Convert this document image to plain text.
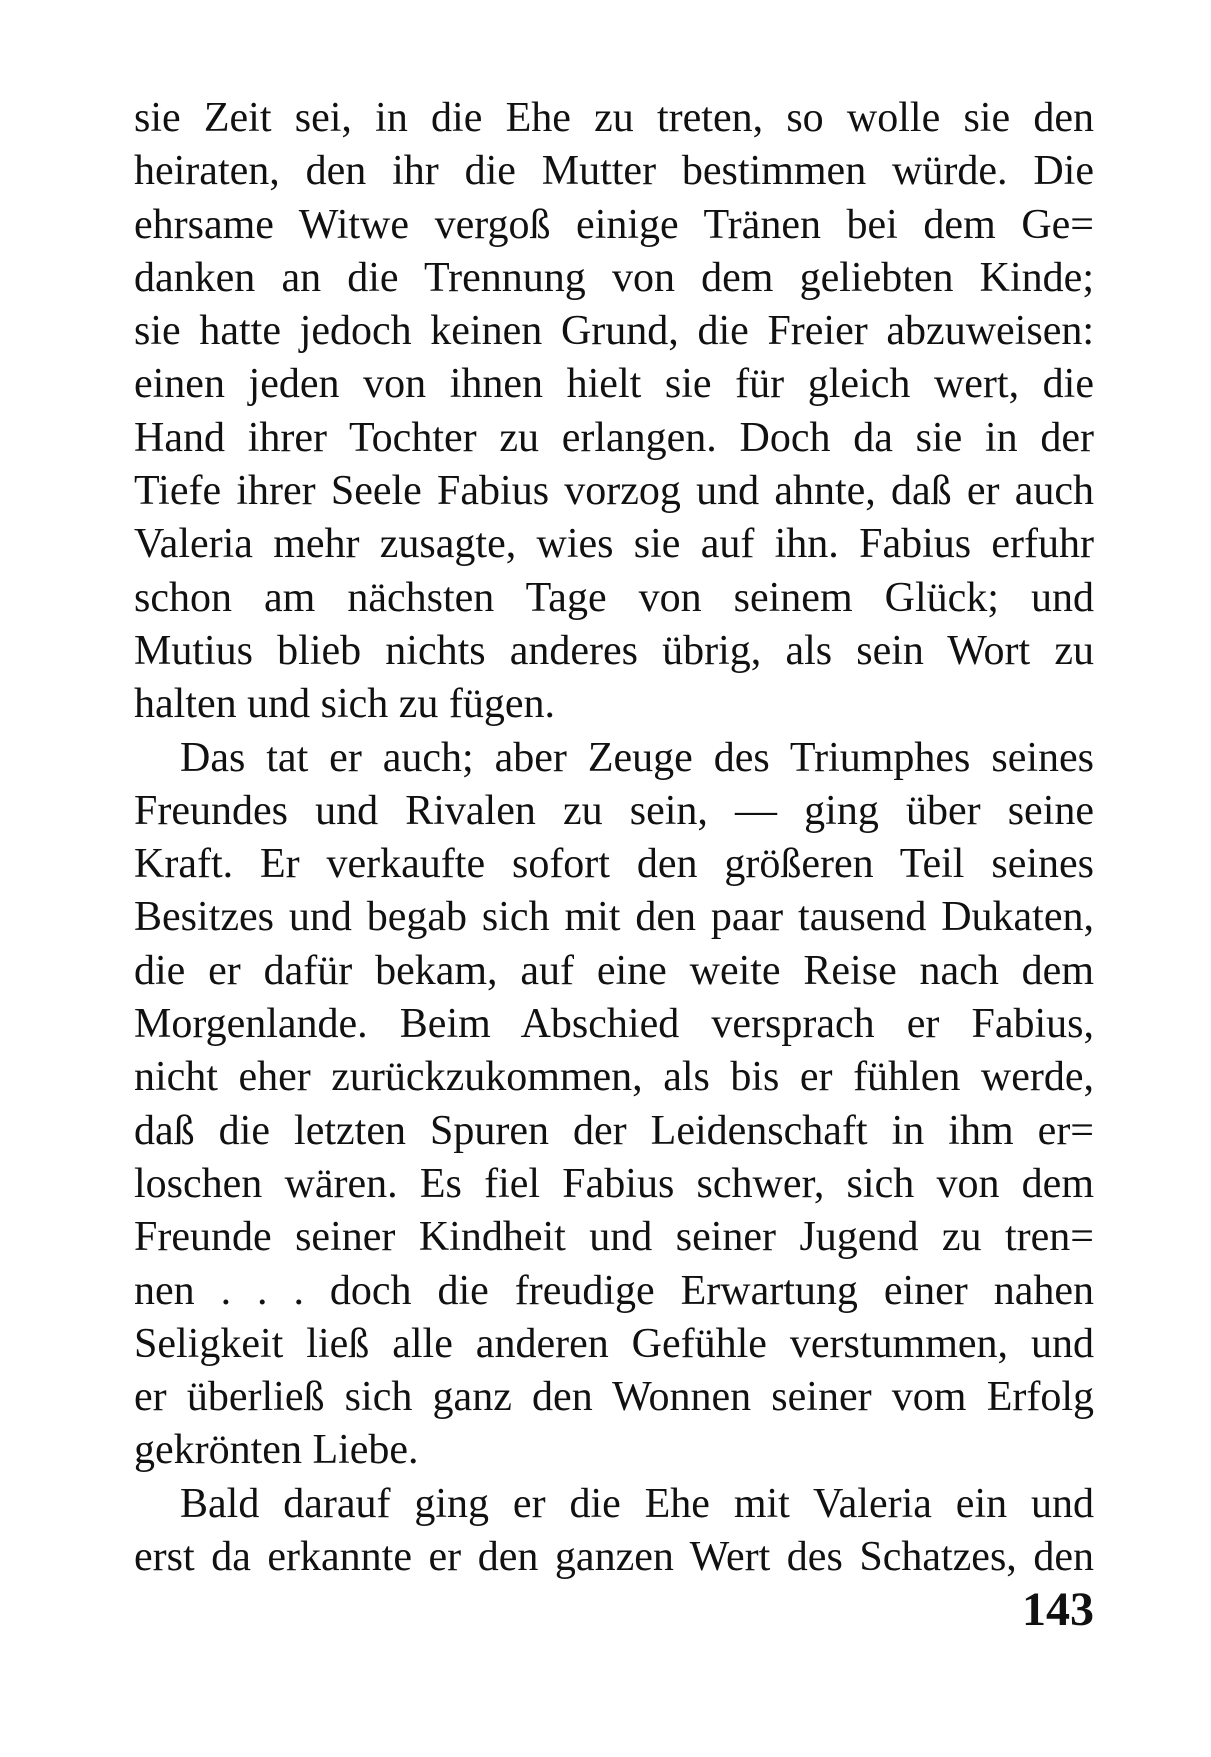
sie Zeit sei, in die Ehe zu treten, so wolle sie den
heiraten, den ihr die Mutter bestimmen würde. Die
ehrsame Witwe vergoß einige Tränen bei dem Ge=
danken an die Trennung von dem geliebten Kinde;
sie hatte jedoch keinen Grund, die Freier abzuweisen:
einen jeden von ihnen hielt sie für gleich wert, die
Hand ihrer Tochter zu erlangen. Doch da sie in der
Tiefe ihrer Seele Fabius vorzog und ahnte, daß er auch
Valeria mehr zusagte, wies sie auf ihn. Fabius erfuhr
schon am nächsten Tage von seinem Glück; und
Mutius blieb nichts anderes übrig, als sein Wort zu
halten und sich zu fügen.
Das tat er auch; aber Zeuge des Triumphes seines
Freundes und Rivalen zu sein, — ging über seine
Kraft. Er verkaufte sofort den größeren Teil seines
Besitzes und begab sich mit den paar tausend Dukaten,
die er dafür bekam, auf eine weite Reise nach dem
Morgenlande. Beim Abschied versprach er Fabius,
nicht eher zurückzukommen, als bis er fühlen werde,
daß die letzten Spuren der Leidenschaft in ihm er=
loschen wären. Es fiel Fabius schwer, sich von dem
Freunde seiner Kindheit und seiner Jugend zu tren=
nen . . . doch die freudige Erwartung einer nahen
Seligkeit ließ alle anderen Gefühle verstummen, und
er überließ sich ganz den Wonnen seiner vom Erfolg
gekrönten Liebe.
Bald darauf ging er die Ehe mit Valeria ein und
erst da erkannte er den ganzen Wert des Schatzes, den
143
